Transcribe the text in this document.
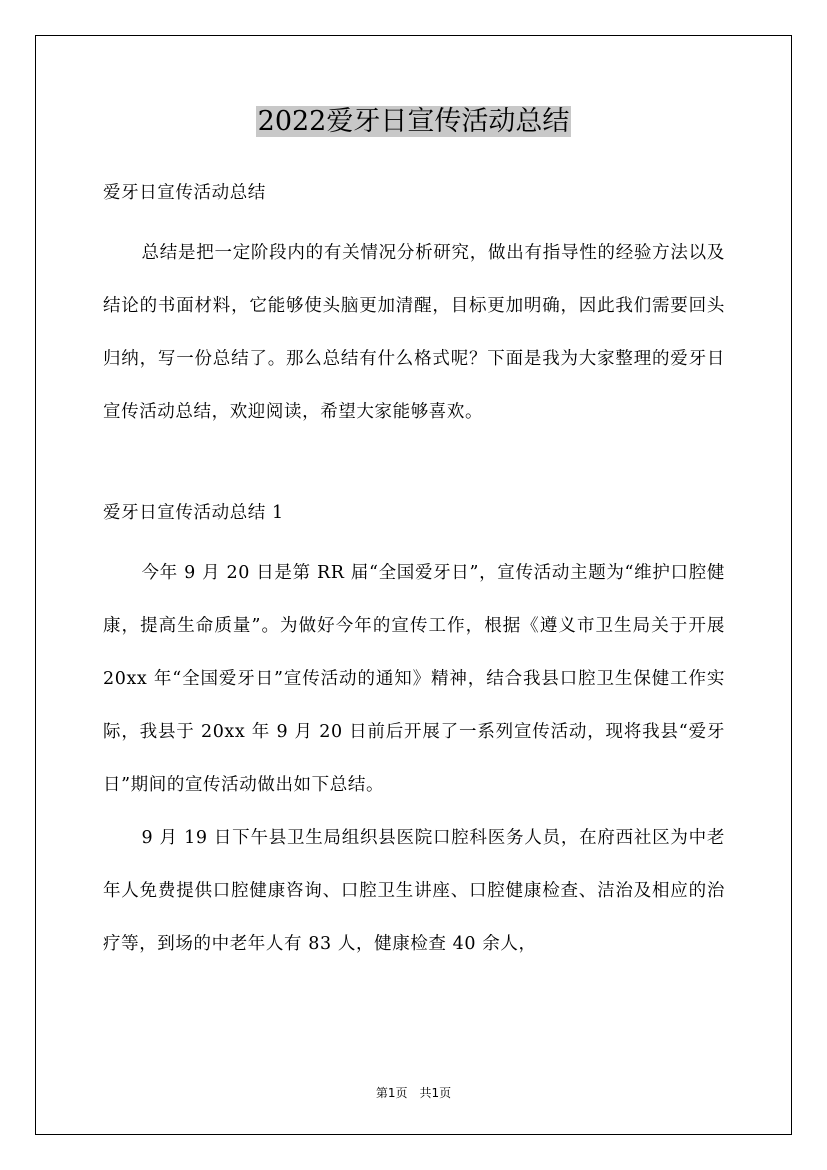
2022爱牙日宣传活动总结

爱牙日宣传活动总结

总结是把一定阶段内的有关情况分析研究，做出有指导性的经验方法以及结论的书面材料，它能够使头脑更加清醒，目标更加明确，因此我们需要回头归纳，写一份总结了。那么总结有什么格式呢？下面是我为大家整理的爱牙日宣传活动总结，欢迎阅读，希望大家能够喜欢。

爱牙日宣传活动总结 1

今年 9 月 20 日是第 RR 届“全国爱牙日”，宣传活动主题为“维护口腔健康，提高生命质量”。为做好今年的宣传工作，根据《遵义市卫生局关于开展 20xx 年“全国爱牙日”宣传活动的通知》精神，结合我县口腔卫生保健工作实际，我县于 20xx 年 9 月 20 日前后开展了一系列宣传活动，现将我县“爱牙日”期间的宣传活动做出如下总结。

9 月 19 日下午县卫生局组织县医院口腔科医务人员，在府西社区为中老年人免费提供口腔健康咨询、口腔卫生讲座、口腔健康检查、洁治及相应的治疗等，到场的中老年人有 83 人，健康检查 40 余人，

第1页　共1页
